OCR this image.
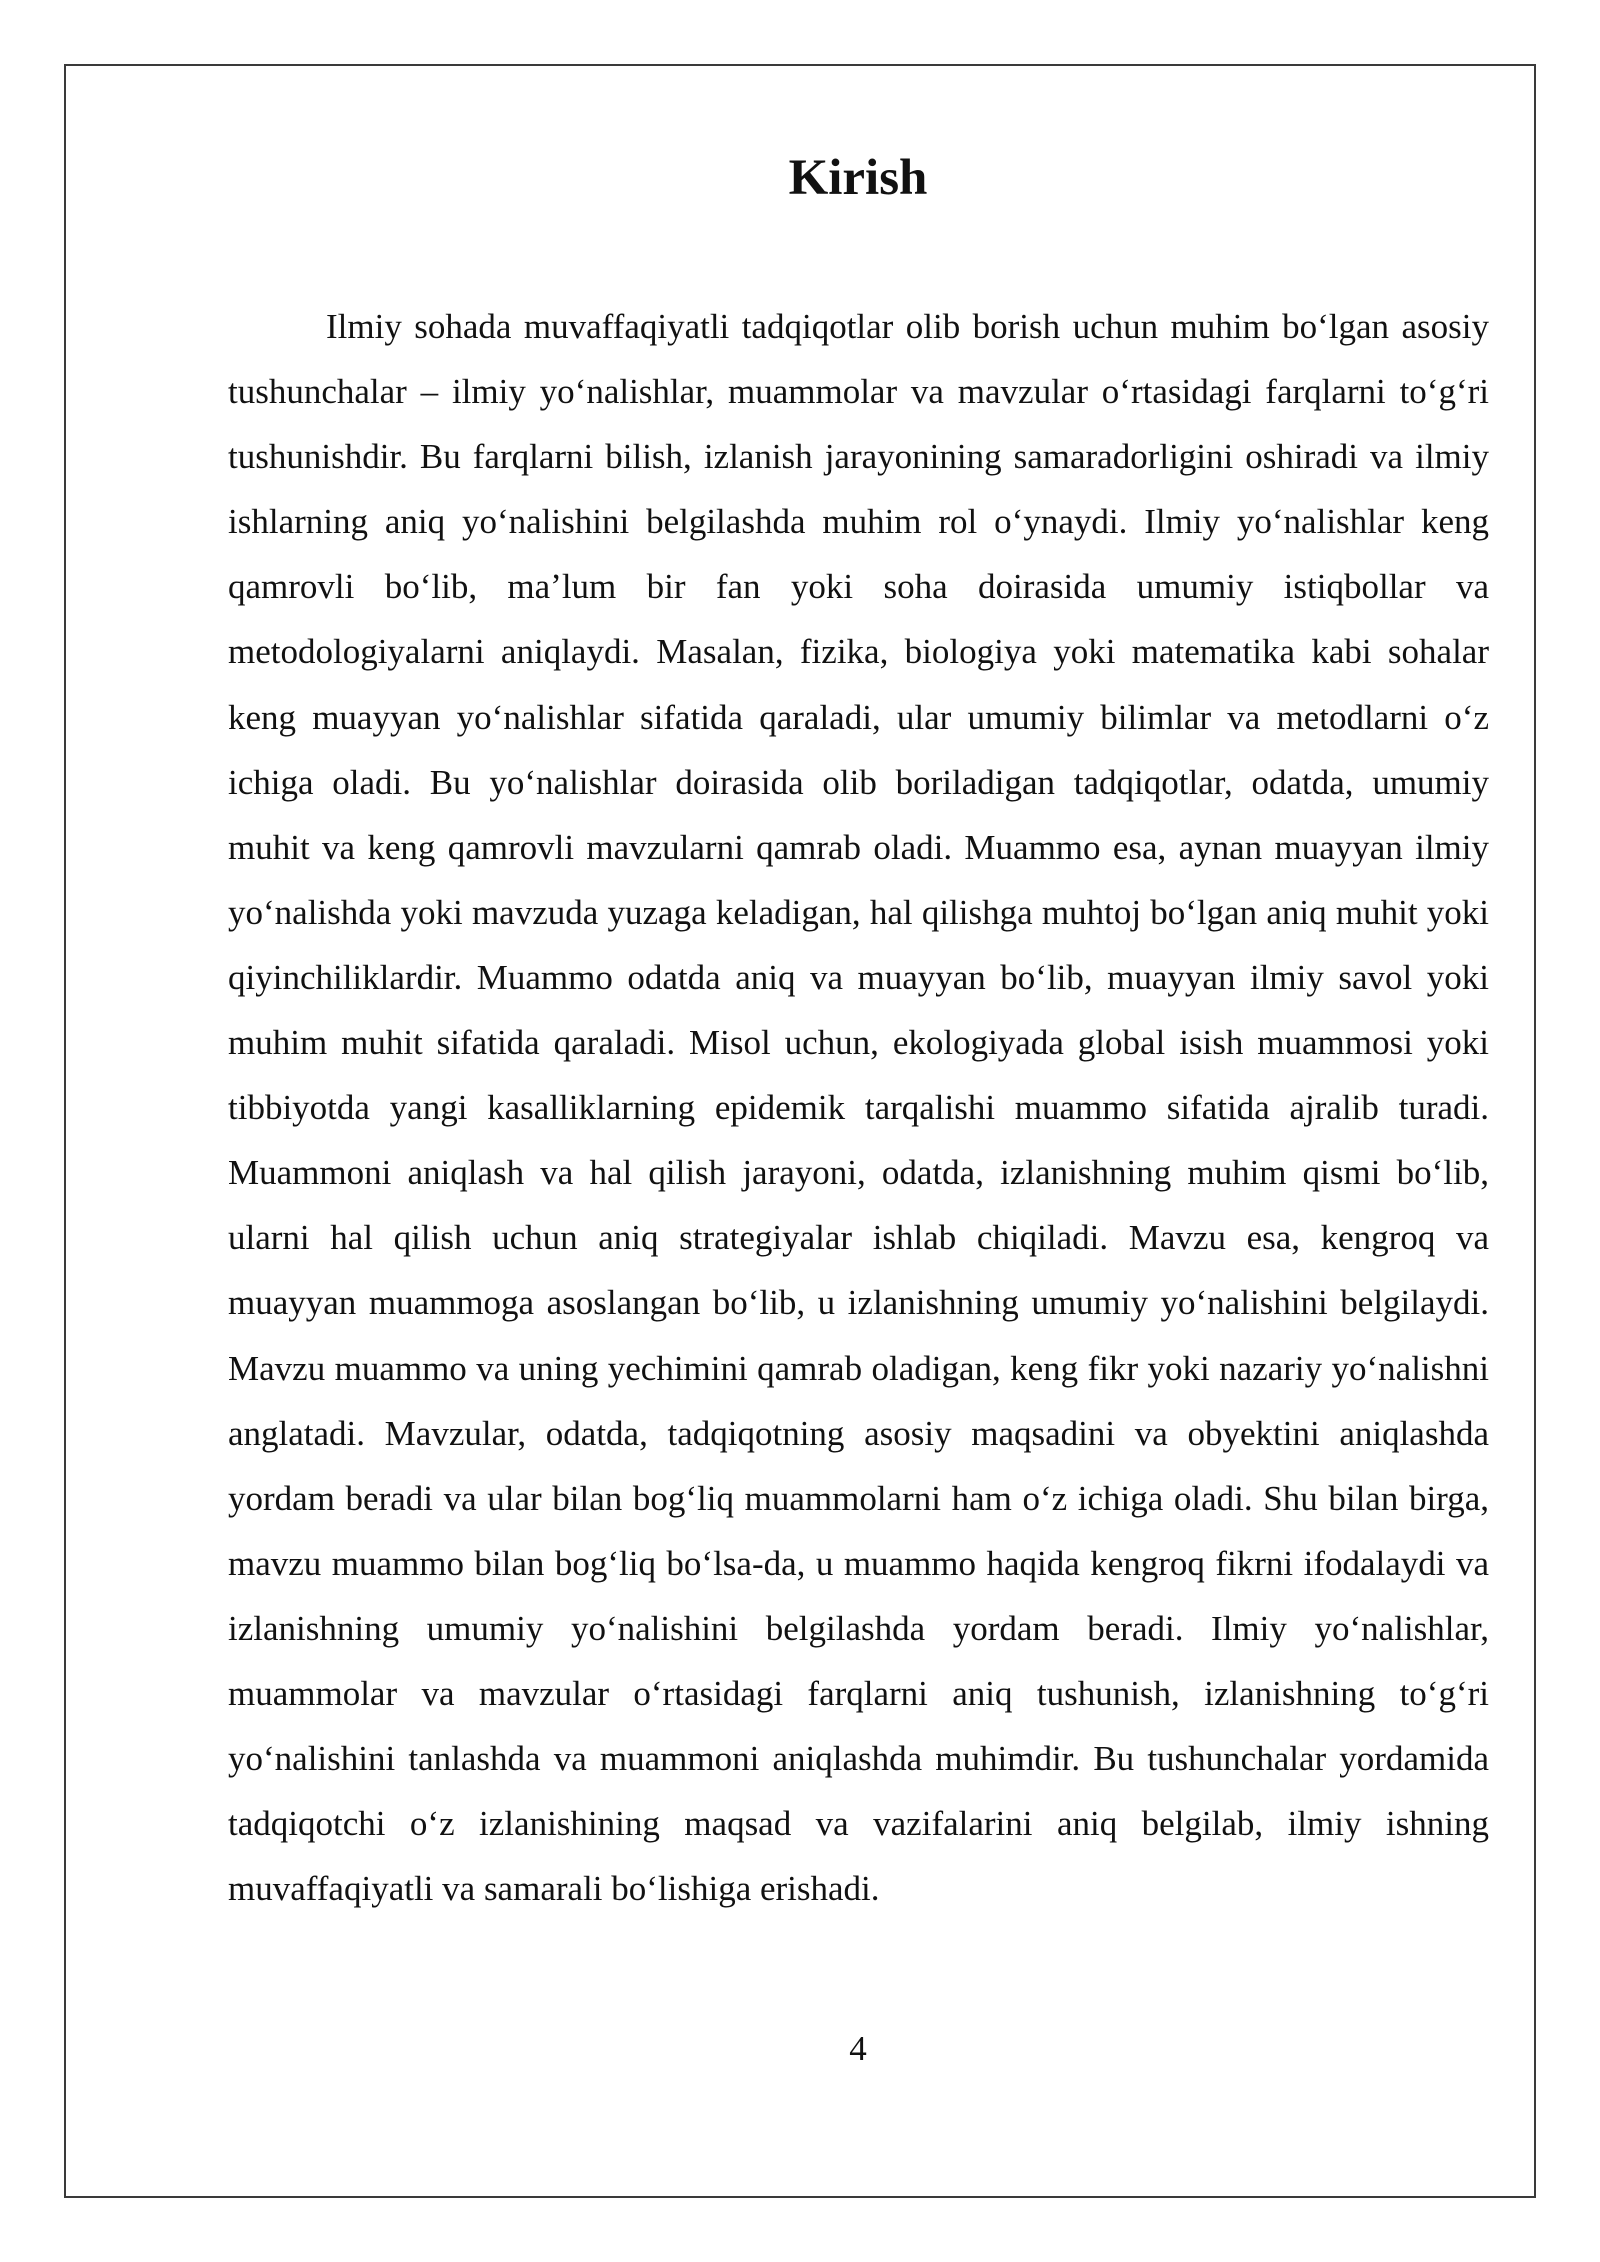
Kirish

Ilmiy sohada muvaffaqiyatli tadqiqotlar olib borish uchun muhim boʻlgan asosiy tushunchalar – ilmiy yoʻnalishlar, muammolar va mavzular oʻrtasidagi farqlarni toʻgʻri tushunishdir. Bu farqlarni bilish, izlanish jarayonining samaradorligini oshiradi va ilmiy ishlarning aniq yoʻnalishini belgilashda muhim rol oʻynaydi. Ilmiy yoʻnalishlar keng qamrovli boʻlib, maʼlum bir fan yoki soha doirasida umumiy istiqbollar va metodologiyalarni aniqlaydi. Masalan, fizika, biologiya yoki matematika kabi sohalar keng muayyan yoʻnalishlar sifatida qaraladi, ular umumiy bilimlar va metodlarni oʻz ichiga oladi. Bu yoʻnalishlar doirasida olib boriladigan tadqiqotlar, odatda, umumiy muhit va keng qamrovli mavzularni qamrab oladi. Muammo esa, aynan muayyan ilmiy yoʻnalishda yoki mavzuda yuzaga keladigan, hal qilishga muhtoj boʻlgan aniq muhit yoki qiyinchiliklardir. Muammo odatda aniq va muayyan boʻlib, muayyan ilmiy savol yoki muhim muhit sifatida qaraladi. Misol uchun, ekologiyada global isish muammosi yoki tibbiyotda yangi kasalliklarning epidemik tarqalishi muammo sifatida ajralib turadi. Muammoni aniqlash va hal qilish jarayoni, odatda, izlanishning muhim qismi boʻlib, ularni hal qilish uchun aniq strategiyalar ishlab chiqiladi. Mavzu esa, kengroq va muayyan muammoga asoslangan boʻlib, u izlanishning umumiy yoʻnalishini belgilaydi. Mavzu muammo va uning yechimini qamrab oladigan, keng fikr yoki nazariy yoʻnalishni anglatadi. Mavzular, odatda, tadqiqotning asosiy maqsadini va obyektini aniqlashda yordam beradi va ular bilan bogʻliq muammolarni ham oʻz ichiga oladi. Shu bilan birga, mavzu muammo bilan bogʻliq boʻlsa-da, u muammo haqida kengroq fikrni ifodalaydi va izlanishning umumiy yoʻnalishini belgilashda yordam beradi. Ilmiy yoʻnalishlar, muammolar va mavzular oʻrtasidagi farqlarni aniq tushunish, izlanishning toʻgʻri yoʻnalishini tanlashda va muammoni aniqlashda muhimdir. Bu tushunchalar yordamida tadqiqotchi oʻz izlanishining maqsad va vazifalarini aniq belgilab, ilmiy ishning muvaffaqiyatli va samarali boʻlishiga erishadi.

4
